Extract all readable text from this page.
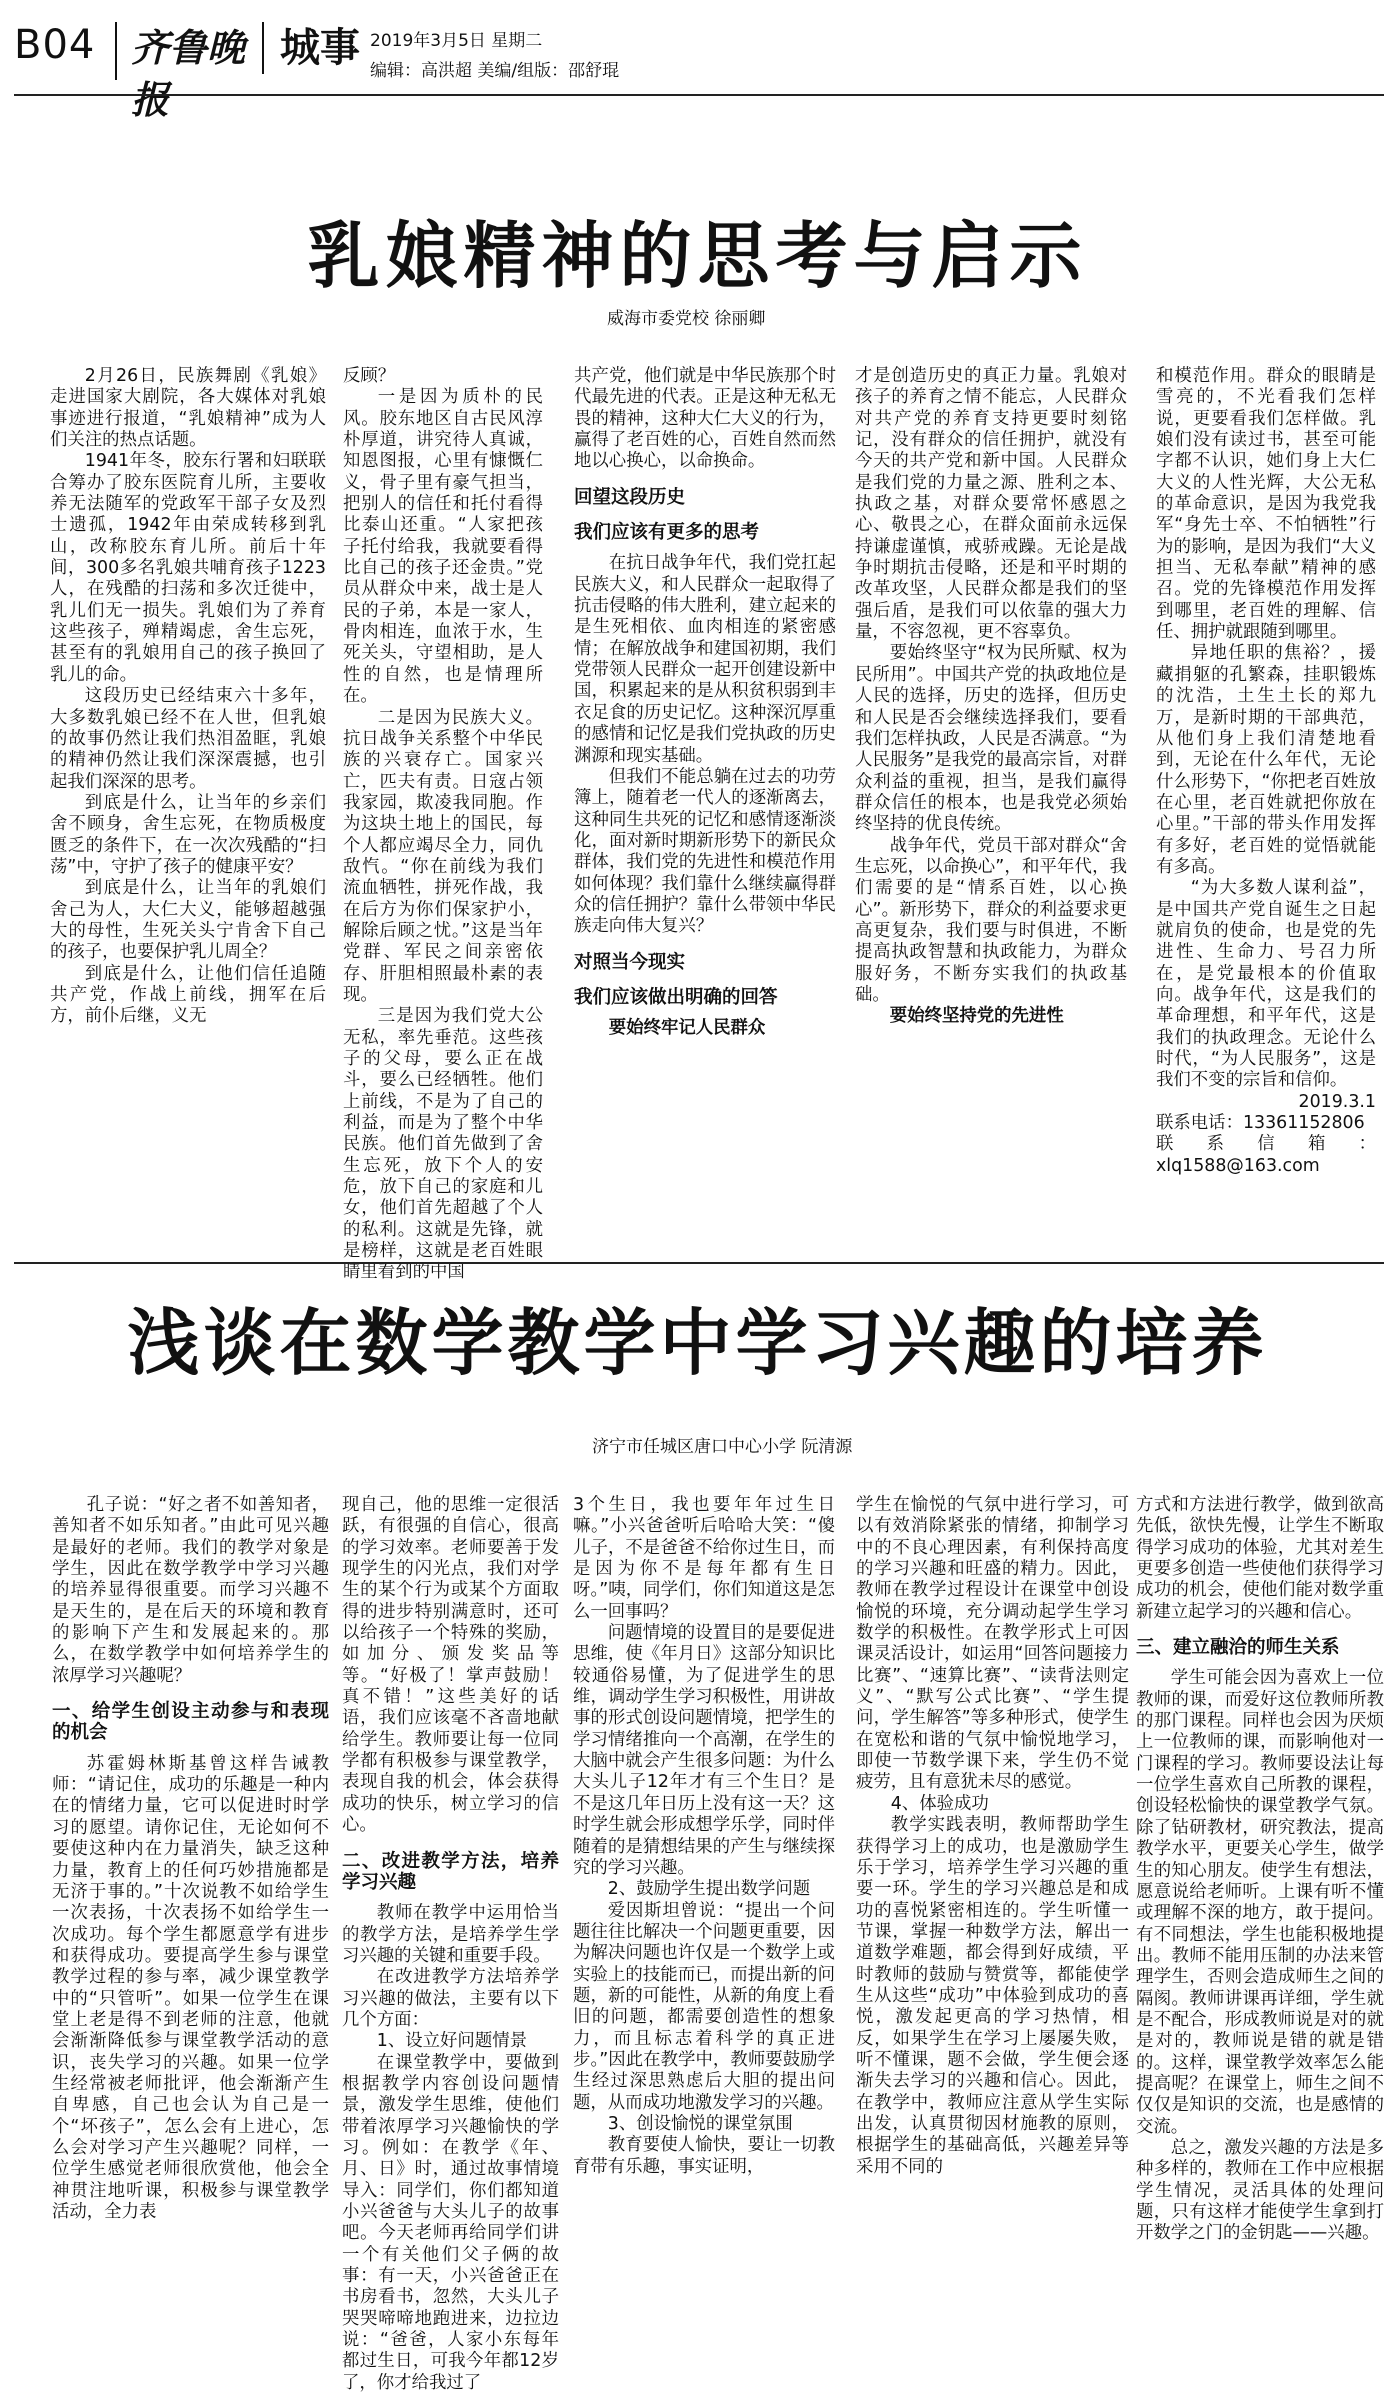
B04 齐鲁晚报
城事 2019年3月5日 星期二
编辑：高洪超 美编/组版：邵舒琨
乳娘精神的思考与启示
威海市委党校 徐丽卿

2月26日，民族舞剧《乳娘》走进国家大剧院，各大媒体对乳娘事迹进行报道，“乳娘精神”成为人们关注的热点话题。

1941年冬，胶东行署和妇联联合筹办了胶东医院育儿所，主要收养无法随军的党政军干部子女及烈士遗孤，1942年由荣成转移到乳山，改称胶东育儿所。前后十年间，300多名乳娘共哺育孩子1223人，在残酷的扫荡和多次迁徙中，乳儿们无一损失。乳娘们为了养育这些孩子，殚精竭虑，舍生忘死，甚至有的乳娘用自己的孩子换回了乳儿的命。

这段历史已经结束六十多年，大多数乳娘已经不在人世，但乳娘的故事仍然让我们热泪盈眶，乳娘的精神仍然让我们深深震撼，也引起我们深深的思考。

到底是什么，让当年的乡亲们舍不顾身，舍生忘死，在物质极度匮乏的条件下，在一次次残酷的“扫荡”中，守护了孩子的健康平安？

到底是什么，让当年的乳娘们舍己为人，大仁大义，能够超越强大的母性，生死关头宁肯舍下自己的孩子，也要保护乳儿周全？

到底是什么，让他们信任追随共产党，作战上前线，拥军在后方，前仆后继，义无

反顾？

一是因为质朴的民风。胶东地区自古民风淳朴厚道，讲究待人真诚，知恩图报，心里有慷慨仁义，骨子里有豪气担当，把别人的信任和托付看得比泰山还重。“人家把孩子托付给我，我就要看得比自己的孩子还金贵。”党员从群众中来，战士是人民的子弟，本是一家人，骨肉相连，血浓于水，生死关头，守望相助，是人性的自然，也是情理所在。

二是因为民族大义。抗日战争关系整个中华民族的兴衰存亡。国家兴亡，匹夫有责。日寇占领我家园，欺凌我同胞。作为这块土地上的国民，每个人都应竭尽全力，同仇敌忾。“你在前线为我们流血牺牲，拼死作战，我在后方为你们保家护小，解除后顾之忧。”这是当年党群、军民之间亲密依存、肝胆相照最朴素的表现。

三是因为我们党大公无私，率先垂范。这些孩子的父母，要么正在战斗，要么已经牺牲。他们上前线，不是为了自己的利益，而是为了整个中华民族。他们首先做到了舍生忘死，放下个人的安危，放下自己的家庭和儿女，他们首先超越了个人的私利。这就是先锋，就是榜样，这就是老百姓眼睛里看到的中国

共产党，他们就是中华民族那个时代最先进的代表。正是这种无私无畏的精神，这种大仁大义的行为，赢得了老百姓的心，百姓自然而然地以心换心，以命换命。

回望这段历史
我们应该有更多的思考

在抗日战争年代，我们党扛起民族大义，和人民群众一起取得了抗击侵略的伟大胜利，建立起来的是生死相依、血肉相连的紧密感情；在解放战争和建国初期，我们党带领人民群众一起开创建设新中国，积累起来的是从积贫积弱到丰衣足食的历史记忆。这种深沉厚重的感情和记忆是我们党执政的历史渊源和现实基础。

但我们不能总躺在过去的功劳簿上，随着老一代人的逐渐离去，这种同生共死的记忆和感情逐渐淡化，面对新时期新形势下的新民众群体，我们党的先进性和模范作用如何体现？我们靠什么继续赢得群众的信任拥护？靠什么带领中华民族走向伟大复兴？

对照当今现实
我们应该做出明确的回答

要始终牢记人民群众

才是创造历史的真正力量。乳娘对孩子的养育之情不能忘，人民群众对共产党的养育支持更要时刻铭记，没有群众的信任拥护，就没有今天的共产党和新中国。人民群众是我们党的力量之源、胜利之本、执政之基，对群众要常怀感恩之心、敬畏之心，在群众面前永远保持谦虚谨慎，戒骄戒躁。无论是战争时期抗击侵略，还是和平时期的改革攻坚，人民群众都是我们的坚强后盾，是我们可以依靠的强大力量，不容忽视，更不容辜负。

要始终坚守“权为民所赋、权为民所用”。中国共产党的执政地位是人民的选择，历史的选择，但历史和人民是否会继续选择我们，要看我们怎样执政，人民是否满意。“为人民服务”是我党的最高宗旨，对群众利益的重视，担当，是我们赢得群众信任的根本，也是我党必须始终坚持的优良传统。

战争年代，党员干部对群众“舍生忘死，以命换心”，和平年代，我们需要的是“情系百姓，以心换心”。新形势下，群众的利益要求更高更复杂，我们要与时俱进，不断提高执政智慧和执政能力，为群众服好务，不断夯实我们的执政基础。

要始终坚持党的先进性

和模范作用。群众的眼睛是雪亮的，不光看我们怎样说，更要看我们怎样做。乳娘们没有读过书，甚至可能字都不认识，她们身上大仁大义的人性光辉，大公无私的革命意识，是因为我党我军“身先士卒、不怕牺牲”行为的影响，是因为我们“大义担当、无私奉献”精神的感召。党的先锋模范作用发挥到哪里，老百姓的理解、信任、拥护就跟随到哪里。

异地任职的焦裕？，援藏捐躯的孔繁森，挂职锻炼的沈浩，土生土长的郑九万，是新时期的干部典范，从他们身上我们清楚地看到，无论在什么年代，无论什么形势下，“你把老百姓放在心里，老百姓就把你放在心里。”干部的带头作用发挥有多好，老百姓的觉悟就能有多高。

“为大多数人谋利益”，是中国共产党自诞生之日起就肩负的使命，也是党的先进性、生命力、号召力所在，是党最根本的价值取向。战争年代，这是我们的革命理想，和平年代，这是我们的执政理念。无论什么时代，“为人民服务”，这是我们不变的宗旨和信仰。

2019.3.1

联系电话：13361152806

联系信箱：xlq1588@163.com

浅谈在数学教学中学习兴趣的培养
济宁市任城区唐口中心小学 阮清源

孔子说：“好之者不如善知者，善知者不如乐知者。”由此可见兴趣是最好的老师。我们的教学对象是学生，因此在数学教学中学习兴趣的培养显得很重要。而学习兴趣不是天生的，是在后天的环境和教育的影响下产生和发展起来的。那么，在数学教学中如何培养学生的浓厚学习兴趣呢？

一、给学生创设主动参与和表现的机会

苏霍姆林斯基曾这样告诫教师：“请记住，成功的乐趣是一种内在的情绪力量，它可以促进时时学习的愿望。请你记住，无论如何不要使这种内在力量消失，缺乏这种力量，教育上的任何巧妙措施都是无济于事的。”十次说教不如给学生一次表扬，十次表扬不如给学生一次成功。每个学生都愿意学有进步和获得成功。要提高学生参与课堂教学过程的参与率，减少课堂教学中的“只管听”。如果一位学生在课堂上老是得不到老师的注意，他就会渐渐降低参与课堂教学活动的意识，丧失学习的兴趣。如果一位学生经常被老师批评，他会渐渐产生自卑感，自己也会认为自己是一个“坏孩子”，怎么会有上进心，怎么会对学习产生兴趣呢？同样，一位学生感觉老师很欣赏他，他会全神贯注地听课，积极参与课堂教学活动，全力表

现自己，他的思维一定很活跃，有很强的自信心，很高的学习效率。老师要善于发现学生的闪光点，我们对学生的某个行为或某个方面取得的进步特别满意时，还可以给孩子一个特殊的奖励，如加分、颁发奖品等等。“好极了！掌声鼓励！真不错！”这些美好的话语，我们应该毫不吝啬地献给学生。教师要让每一位同学都有积极参与课堂教学，表现自我的机会，体会获得成功的快乐，树立学习的信心。

二、改进教学方法，培养学习兴趣

教师在教学中运用恰当的教学方法，是培养学生学习兴趣的关键和重要手段。

在改进教学方法培养学习兴趣的做法，主要有以下几个方面：

1、设立好问题情景

在课堂教学中，要做到根据教学内容创设问题情景，激发学生思维，使他们带着浓厚学习兴趣愉快的学习。例如：在教学《年、月、日》时，通过故事情境导入：同学们，你们都知道小兴爸爸与大头儿子的故事吧。今天老师再给同学们讲一个有关他们父子俩的故事：有一天，小兴爸爸正在书房看书，忽然，大头儿子哭哭啼啼地跑进来，边拉边说：“爸爸，人家小东每年都过生日，可我今年都12岁了，你才给我过了

3个生日，我也要年年过生日嘛。”小兴爸爸听后哈哈大笑：“傻儿子，不是爸爸不给你过生日，而是因为你不是每年都有生日呀。”咦，同学们，你们知道这是怎么一回事吗？

问题情境的设置目的是要促进思维，使《年月日》这部分知识比较通俗易懂，为了促进学生的思维，调动学生学习积极性，用讲故事的形式创设问题情境，把学生的学习情绪推向一个高潮，在学生的大脑中就会产生很多问题：为什么大头儿子12年才有三个生日？是不是这几年日历上没有这一天？这时学生就会形成想学乐学，同时伴随着的是猜想结果的产生与继续探究的学习兴趣。

2、鼓励学生提出数学问题

爱因斯坦曾说：“提出一个问题往往比解决一个问题更重要，因为解决问题也许仅是一个数学上或实验上的技能而已，而提出新的问题，新的可能性，从新的角度上看旧的问题，都需要创造性的想象力，而且标志着科学的真正进步。”因此在教学中，教师要鼓励学生经过深思熟虑后大胆的提出问题，从而成功地激发学习的兴趣。

3、创设愉悦的课堂氛围

教育要使人愉快，要让一切教育带有乐趣，事实证明，

学生在愉悦的气氛中进行学习，可以有效消除紧张的情绪，抑制学习中的不良心理因素，有利保持高度的学习兴趣和旺盛的精力。因此，教师在教学过程设计在课堂中创设愉悦的环境，充分调动起学生学习数学的积极性。在教学形式上可因课灵活设计，如运用“回答问题接力比赛”、“速算比赛”、“读背法则定义”、“默写公式比赛”、“学生提问，学生解答”等多种形式，使学生在宽松和谐的气氛中愉悦地学习，即使一节数学课下来，学生仍不觉疲劳，且有意犹未尽的感觉。

4、体验成功

教学实践表明，教师帮助学生获得学习上的成功，也是激励学生乐于学习，培养学生学习兴趣的重要一环。学生的学习兴趣总是和成功的喜悦紧密相连的。学生听懂一节课，掌握一种数学方法，解出一道数学难题，都会得到好成绩，平时教师的鼓励与赞赏等，都能使学生从这些“成功”中体验到成功的喜悦，激发起更高的学习热情，相反，如果学生在学习上屡屡失败，听不懂课，题不会做，学生便会逐渐失去学习的兴趣和信心。因此，在教学中，教师应注意从学生实际出发，认真贯彻因材施教的原则，根据学生的基础高低，兴趣差异等采用不同的

方式和方法进行教学，做到欲高先低，欲快先慢，让学生不断取得学习成功的体验，尤其对差生更要多创造一些使他们获得学习成功的机会，使他们能对数学重新建立起学习的兴趣和信心。

三、建立融洽的师生关系

学生可能会因为喜欢上一位教师的课，而爱好这位教师所教的那门课程。同样也会因为厌烦上一位教师的课，而影响他对一门课程的学习。教师要设法让每一位学生喜欢自己所教的课程，创设轻松愉快的课堂教学气氛。除了钻研教材，研究教法，提高教学水平，更要关心学生，做学生的知心朋友。使学生有想法，愿意说给老师听。上课有听不懂或理解不深的地方，敢于提问。有不同想法，学生也能积极地提出。教师不能用压制的办法来管理学生，否则会造成师生之间的隔阂。教师讲课再详细，学生就是不配合，形成教师说是对的就是对的，教师说是错的就是错的。这样，课堂教学效率怎么能提高呢？在课堂上，师生之间不仅仅是知识的交流，也是感情的交流。

总之，激发兴趣的方法是多种多样的，教师在工作中应根据学生情况，灵活具体的处理问题，只有这样才能使学生拿到打开数学之门的金钥匙——兴趣。
